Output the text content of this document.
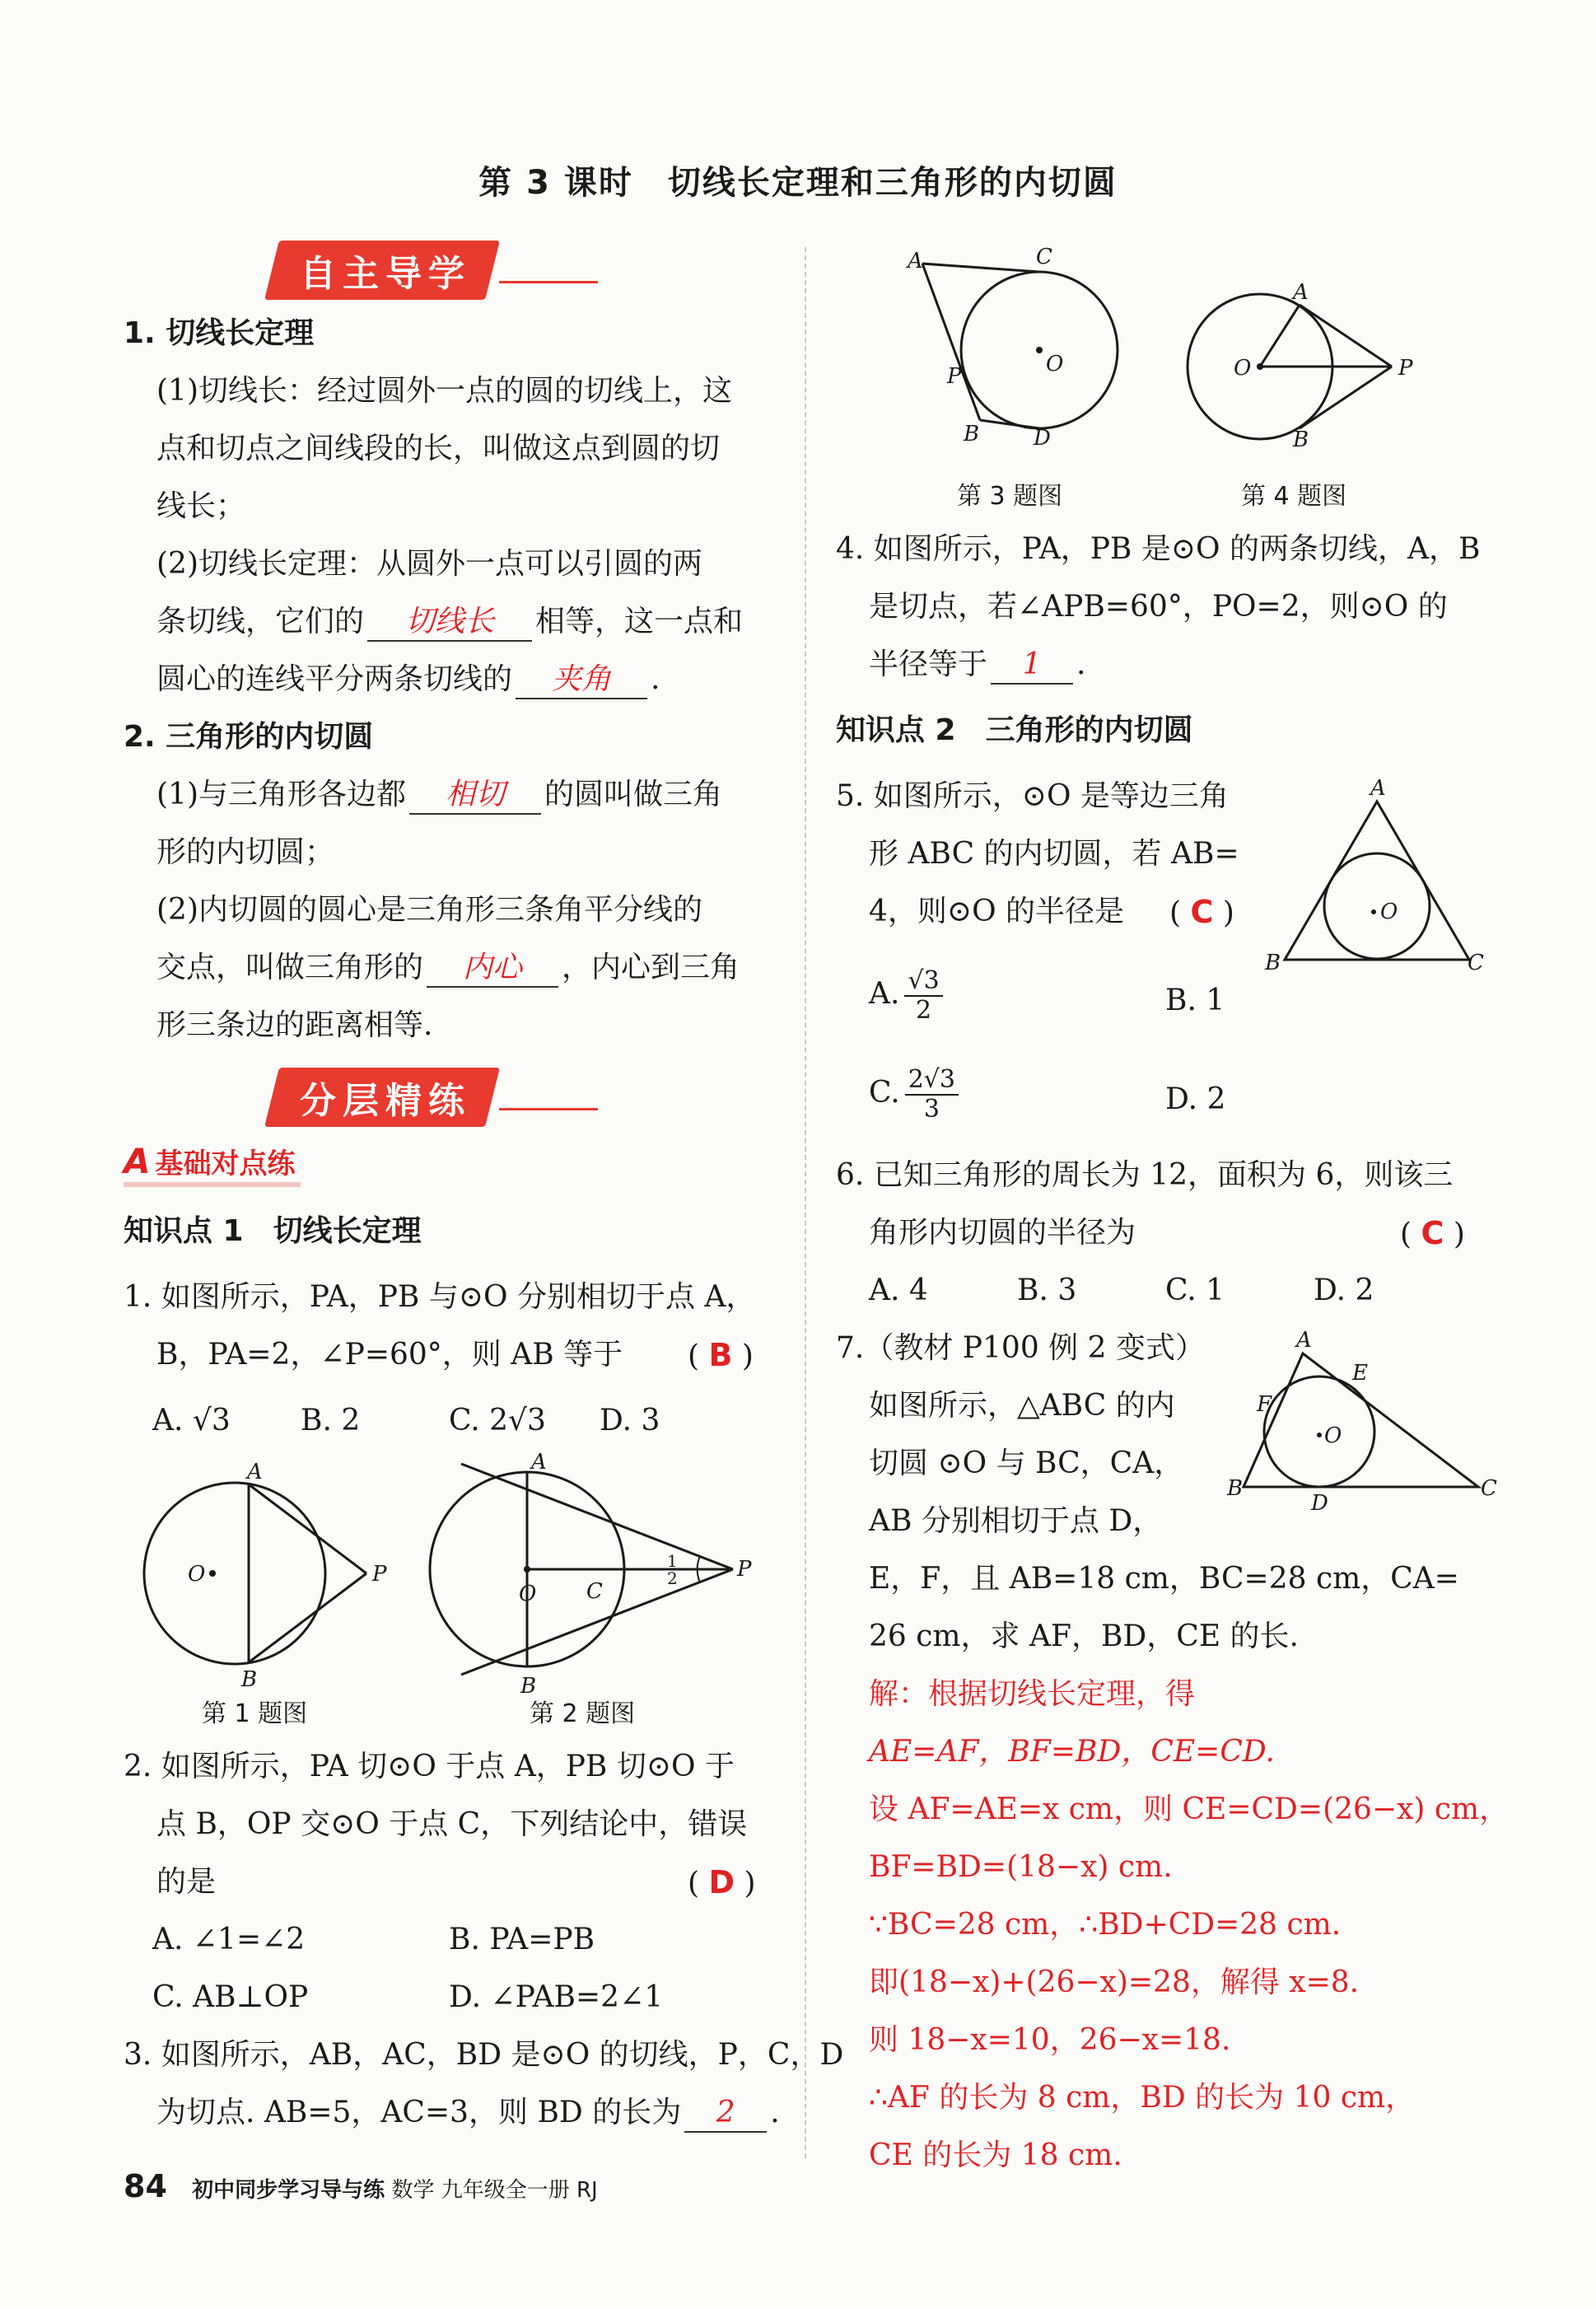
第 3 课时　切线长定理和三角形的内切圆
自主导学
1. 切线长定理
(1)切线长：经过圆外一点的圆的切线上，这
点和切点之间线段的长，叫做这点到圆的切
线长；
(2)切线长定理：从圆外一点可以引圆的两
条切线，它们的 切线长 相等，这一点和
圆心的连线平分两条切线的 夹角 .
2. 三角形的内切圆
(1)与三角形各边都 相切 的圆叫做三角
形的内切圆；
(2)内切圆的圆心是三角形三条角平分线的
交点，叫做三角形的 内心 ，内心到三角
形三条边的距离相等.
分层精练
A 基础对点练
知识点 1　切线长定理
1. 如图所示，PA，PB 与⊙O 分别相切于点 A，
B，PA=2，∠P=60°，则 AB 等于 ( B )
A. √3 B. 2	C. 2√3 D. 3
O
A
B
P
第 1 题图
O
A
B
C
P
1
2
第 2 题图
2. 如图所示，PA 切⊙O 于点 A，PB 切⊙O 于
点 B，OP 交⊙O 于点 C，下列结论中，错误
的是	( D )
A. ∠1=∠2	B. PA=PB
C. AB⊥OP	D. ∠PAB=2∠1
3. 如图所示，AB，AC，BD 是⊙O 的切线，P，C，D
为切点. AB=5，AC=3，则 BD 的长为 2 .
O
A	C
P
B	D
第 3 题图
O
A
B
P
第 4 题图
4. 如图所示，PA，PB 是⊙O 的两条切线，A，B
是切点，若∠APB=60°，PO=2，则⊙O 的
半径等于 1 .
知识点 2　三角形的内切圆
5. 如图所示，⊙O 是等边三角
形 ABC 的内切圆，若 AB=
4，则⊙O 的半径是 ( C )
A. $\frac{√3}{2}$	B. 1
C. $\frac{2√3}{3}$	D. 2
O
A
B	C
6. 已知三角形的周长为 12，面积为 6，则该三
角形内切圆的半径为	( C )
A. 4	B. 3	C. 1	D. 2
7.（教材 P100 例 2 变式）
如图所示，△ABC 的内
切圆 ⊙O 与 BC，CA，
AB 分别相切于点 D，
E，F，且 AB=18 cm，BC=28 cm，CA=
26 cm，求 AF，BD，CE 的长.
O
A
B	C
D
E
F
解：根据切线长定理，得
AE=AF，BF=BD，CE=CD.
设 AF=AE=x cm，则 CE=CD=(26−x) cm，
BF=BD=(18−x) cm.
∵BC=28 cm，∴BD+CD=28 cm.
即(18−x)+(26−x)=28，解得 x=8.
则 18−x=10，26−x=18.
∴AF 的长为 8 cm，BD 的长为 10 cm，
CE 的长为 18 cm.
84 初中同步学习导与练 数学 九年级全一册 RJ
